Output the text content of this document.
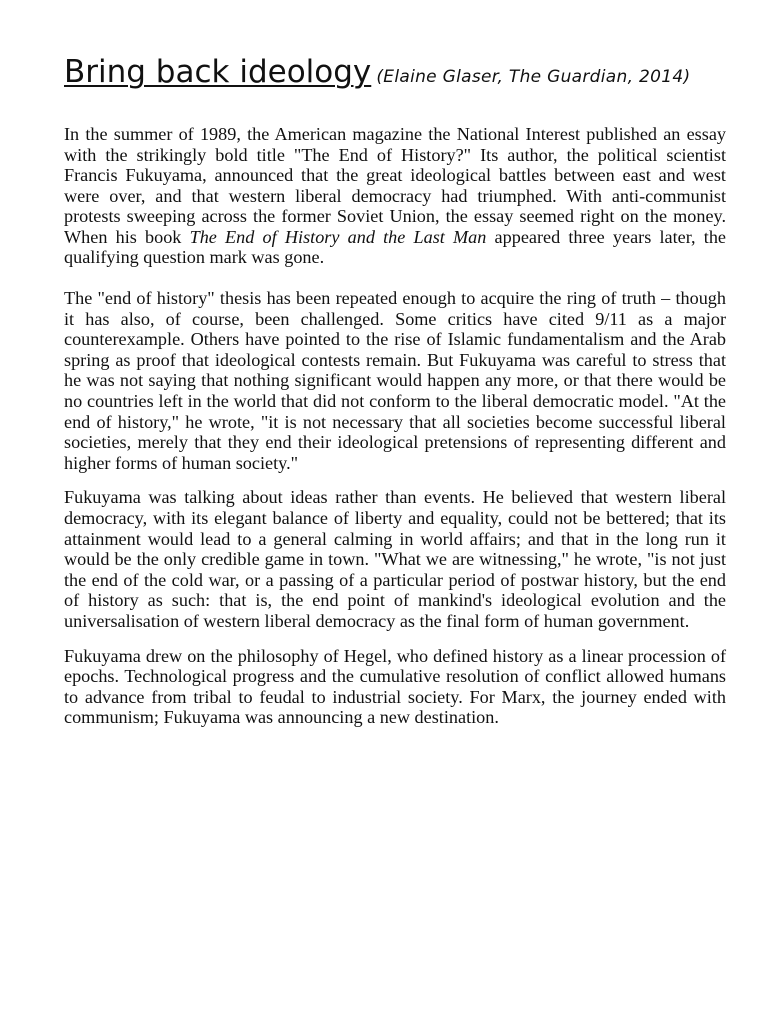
Bring back ideology (Elaine Glaser, The Guardian, 2014)

In the summer of 1989, the American magazine the National Interest published an essay with the strikingly bold title "The End of History?" Its author, the political scientist Francis Fukuyama, announced that the great ideological battles between east and west were over, and that western liberal democracy had triumphed. With anti-communist protests sweeping across the former Soviet Union, the essay seemed right on the money. When his book The End of History and the Last Man appeared three years later, the qualifying question mark was gone.

The "end of history" thesis has been repeated enough to acquire the ring of truth – though it has also, of course, been challenged. Some critics have cited 9/11 as a major counterexample. Others have pointed to the rise of Islamic fundamentalism and the Arab spring as proof that ideological contests remain. But Fukuyama was careful to stress that he was not saying that nothing significant would happen any more, or that there would be no countries left in the world that did not conform to the liberal democratic model. "At the end of history," he wrote, "it is not necessary that all societies become successful liberal societies, merely that they end their ideological pretensions of representing different and higher forms of human society."

Fukuyama was talking about ideas rather than events. He believed that western liberal democracy, with its elegant balance of liberty and equality, could not be bettered; that its attainment would lead to a general calming in world affairs; and that in the long run it would be the only credible game in town. "What we are witnessing," he wrote, "is not just the end of the cold war, or a passing of a particular period of postwar history, but the end of history as such: that is, the end point of mankind's ideological evolution and the universalisation of western liberal democracy as the final form of human government.

Fukuyama drew on the philosophy of Hegel, who defined history as a linear procession of epochs. Technological progress and the cumulative resolution of conflict allowed humans to advance from tribal to feudal to industrial society. For Marx, the journey ended with communism; Fukuyama was announcing a new destination.
